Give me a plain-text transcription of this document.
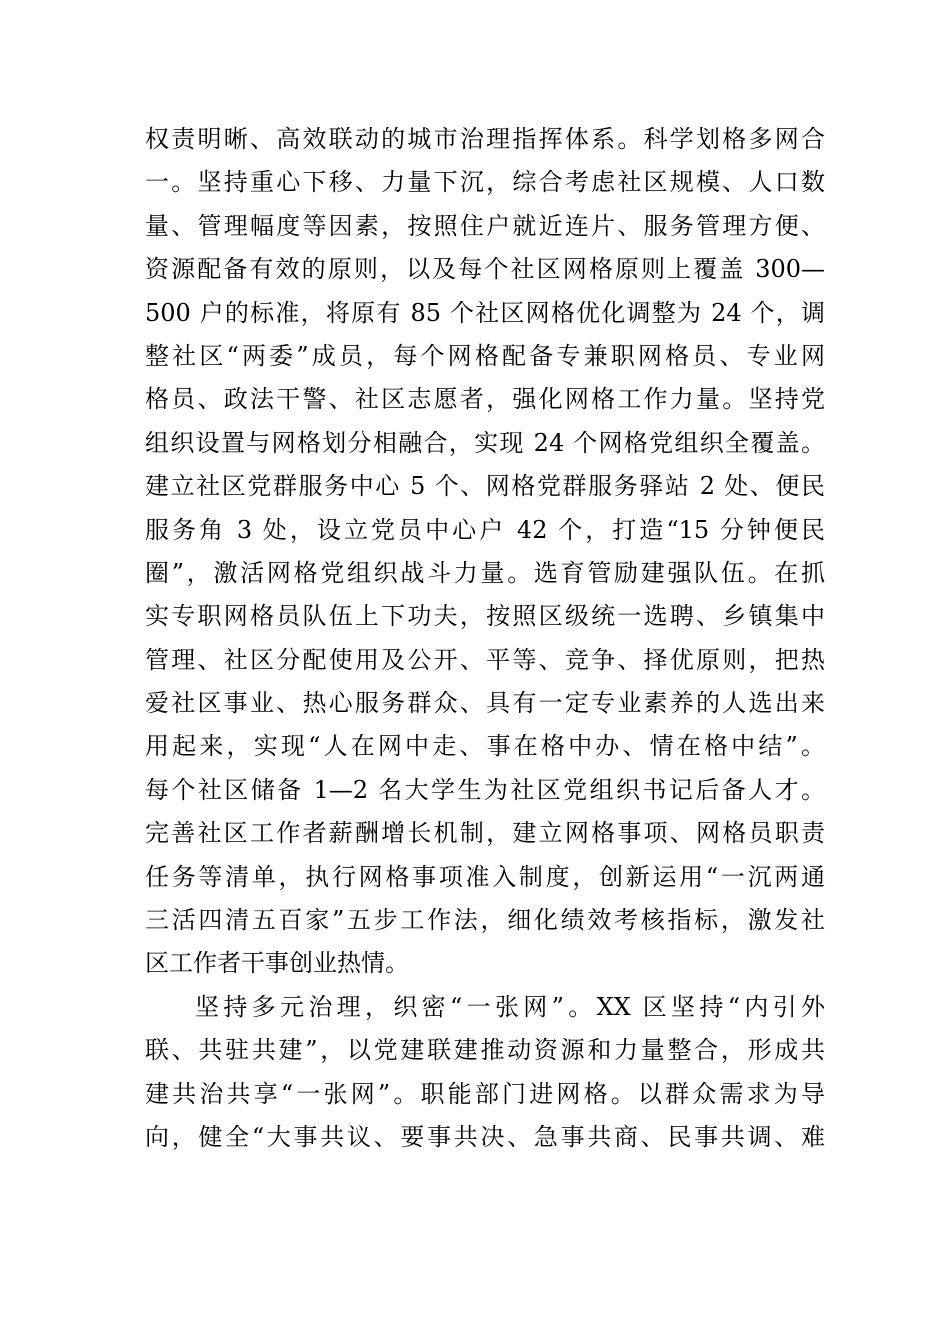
权责明晰、高效联动的城市治理指挥体系。科学划格多网合
一。坚持重心下移、力量下沉，综合考虑社区规模、人口数
量、管理幅度等因素，按照住户就近连片、服务管理方便、
资源配备有效的原则，以及每个社区网格原则上覆盖 300—
500 户的标准，将原有 85 个社区网格优化调整为 24 个，调
整社区“两委”成员，每个网格配备专兼职网格员、专业网
格员、政法干警、社区志愿者，强化网格工作力量。坚持党
组织设置与网格划分相融合，实现 24 个网格党组织全覆盖。
建立社区党群服务中心 5 个、网格党群服务驿站 2 处、便民
服务角 3 处，设立党员中心户 42 个，打造“15 分钟便民
圈”，激活网格党组织战斗力量。选育管励建强队伍。在抓
实专职网格员队伍上下功夫，按照区级统一选聘、乡镇集中
管理、社区分配使用及公开、平等、竞争、择优原则，把热
爱社区事业、热心服务群众、具有一定专业素养的人选出来
用起来，实现“人在网中走、事在格中办、情在格中结”。
每个社区储备 1—2 名大学生为社区党组织书记后备人才。
完善社区工作者薪酬增长机制，建立网格事项、网格员职责
任务等清单，执行网格事项准入制度，创新运用“一沉两通
三活四清五百家”五步工作法，细化绩效考核指标，激发社
区工作者干事创业热情。
坚持多元治理，织密“一张网”。XX 区坚持“内引外
联、共驻共建”，以党建联建推动资源和力量整合，形成共
建共治共享“一张网”。职能部门进网格。以群众需求为导
向，健全“大事共议、要事共决、急事共商、民事共调、难
